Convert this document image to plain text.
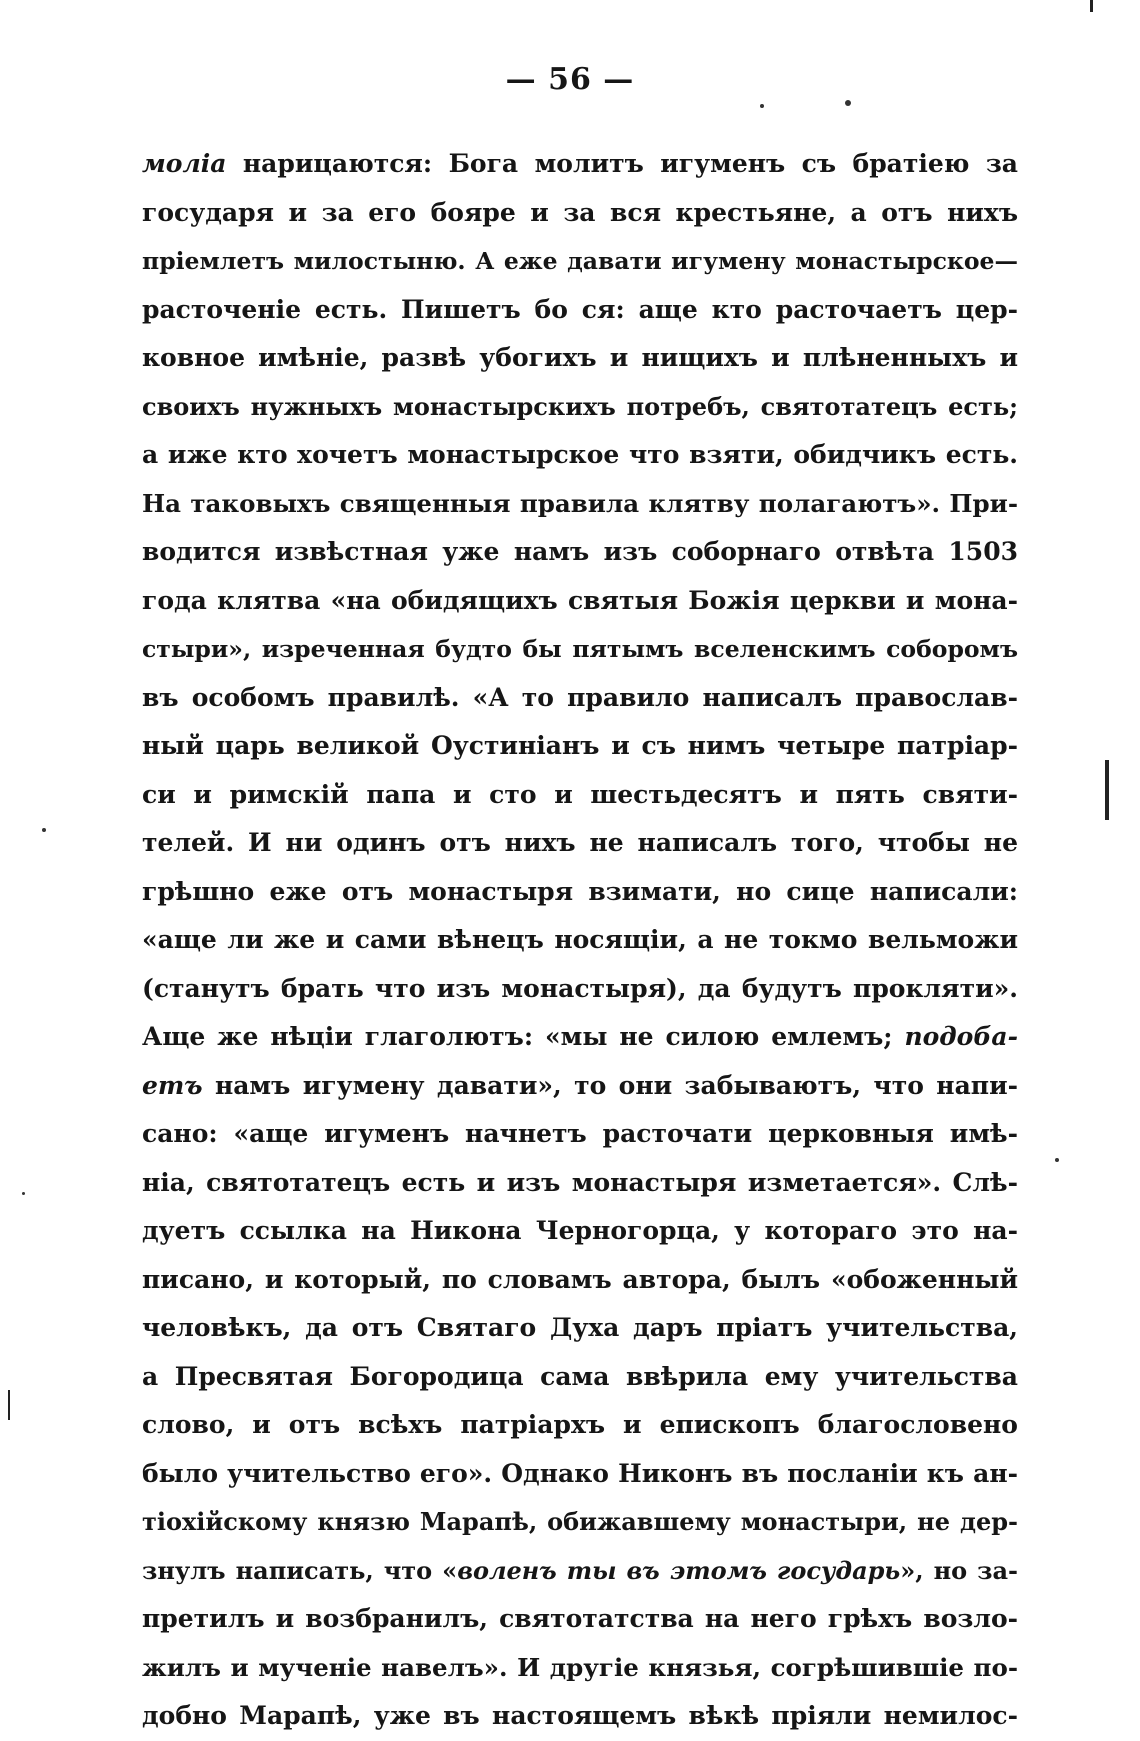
— 56 —
молiа нарицаются: Бога молитъ игуменъ съ братiею за
государя и за его бояре и за вся крестьяне, а отъ нихъ
прiемлетъ милостыню. А еже давати игумену монастырское—
расточенiе есть. Пишетъ бо ся: аще кто расточаетъ цер-
ковное имѣнiе, развѣ убогихъ и нищихъ и плѣненныхъ и
своихъ нужныхъ монастырскихъ потребъ, святотатецъ есть;
а иже кто хочетъ монастырское что взяти, обидчикъ есть.
На таковыхъ священныя правила клятву полагаютъ». При-
водится извѣстная уже намъ изъ соборнаго отвѣта 1503
года клятва «на обидящихъ святыя Божiя церкви и мона-
стыри», изреченная будто бы пятымъ вселенскимъ соборомъ
въ особомъ правилѣ. «А то правило написалъ православ-
ный царь великой Оустинiанъ и съ нимъ четыре патрiар-
си и римскiй папа и сто и шестьдесятъ и пять святи-
телей. И ни одинъ отъ нихъ не написалъ того, чтобы не
грѣшно еже отъ монастыря взимати, но сице написали:
«аще ли же и сами вѣнецъ носящiи, а не токмо вельможи
(станутъ брать что изъ монастыря), да будутъ прокляти».
Аще же нѣцiи глаголютъ: «мы не силою емлемъ; подоба-
етъ намъ игумену давати», то они забываютъ, что напи-
сано: «аще игуменъ начнетъ расточати церковныя имѣ-
нiа, святотатецъ есть и изъ монастыря изметается». Слѣ-
дуетъ ссылка на Никона Черногорца, у котораго это на-
писано, и который, по словамъ автора, былъ «обоженный
человѣкъ, да отъ Святаго Духа даръ прiатъ учительства,
а Пресвятая Богородица сама ввѣрила ему учительства
слово, и отъ всѣхъ патрiархъ и епископъ благословено
было учительство его». Однако Никонъ въ посланiи къ ан-
тiохiйскому князю Марапѣ, обижавшему монастыри, не дер-
знулъ написать, что «воленъ ты въ этомъ государь», но за-
претилъ и возбранилъ, святотатства на него грѣхъ возло-
жилъ и мученiе навелъ». И другiе князья, согрѣшившiе по-
добно Марапѣ, уже въ настоящемъ вѣкѣ прiяли немилос-
